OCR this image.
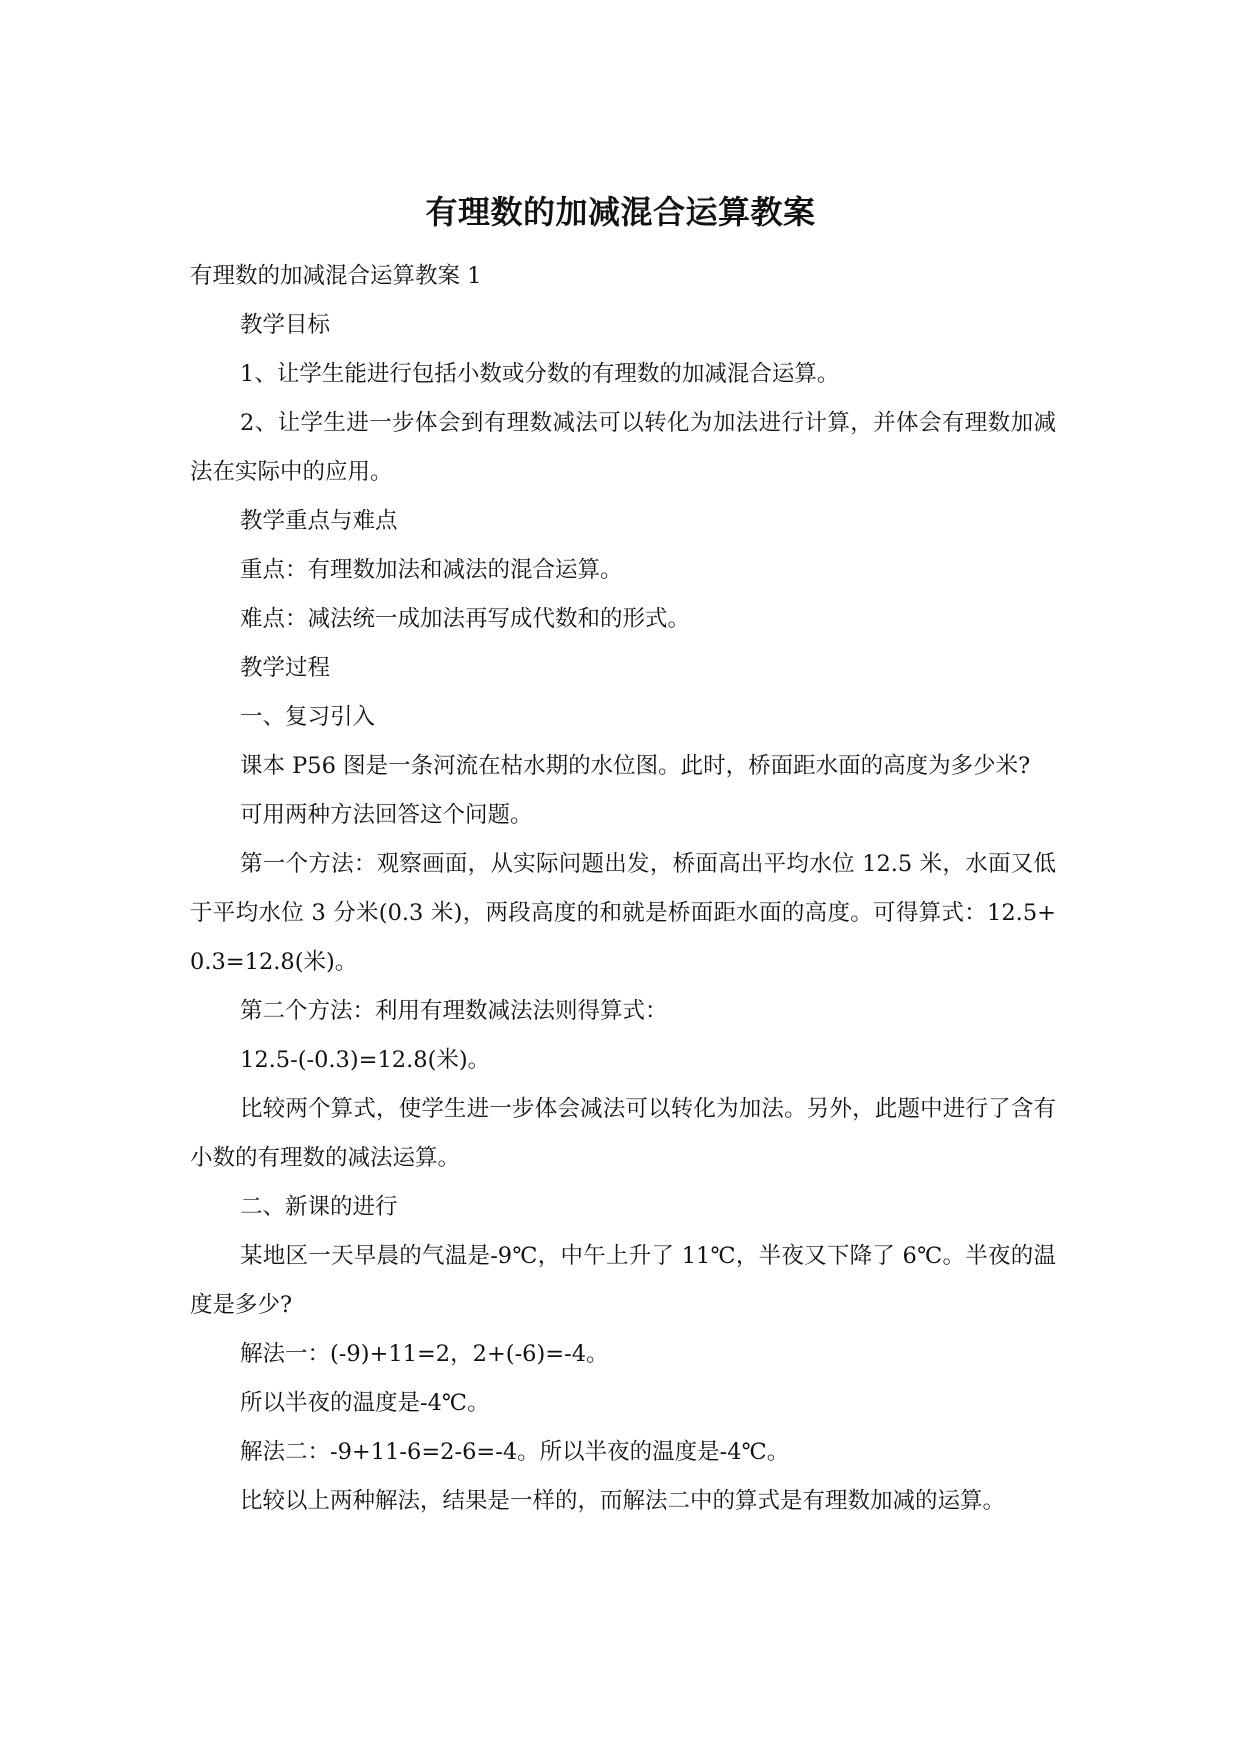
有理数的加减混合运算教案

有理数的加减混合运算教案 1

教学目标

1、让学生能进行包括小数或分数的有理数的加减混合运算。

2、让学生进一步体会到有理数减法可以转化为加法进行计算，并体会有理数加减法在实际中的应用。

教学重点与难点

重点：有理数加法和减法的混合运算。

难点：减法统一成加法再写成代数和的形式。

教学过程

一、复习引入

课本 P56 图是一条河流在枯水期的水位图。此时，桥面距水面的高度为多少米?

可用两种方法回答这个问题。

第一个方法：观察画面，从实际问题出发，桥面高出平均水位 12.5 米，水面又低于平均水位 3 分米(0.3 米)，两段高度的和就是桥面距水面的高度。可得算式：12.5+0.3=12.8(米)。

第二个方法：利用有理数减法法则得算式：

12.5-(-0.3)=12.8(米)。

比较两个算式，使学生进一步体会减法可以转化为加法。另外，此题中进行了含有小数的有理数的减法运算。

二、新课的进行

某地区一天早晨的气温是-9℃，中午上升了 11℃，半夜又下降了 6℃。半夜的温度是多少?

解法一：(-9)+11=2，2+(-6)=-4。

所以半夜的温度是-4℃。

解法二：-9+11-6=2-6=-4。所以半夜的温度是-4℃。

比较以上两种解法，结果是一样的，而解法二中的算式是有理数加减的运算。
